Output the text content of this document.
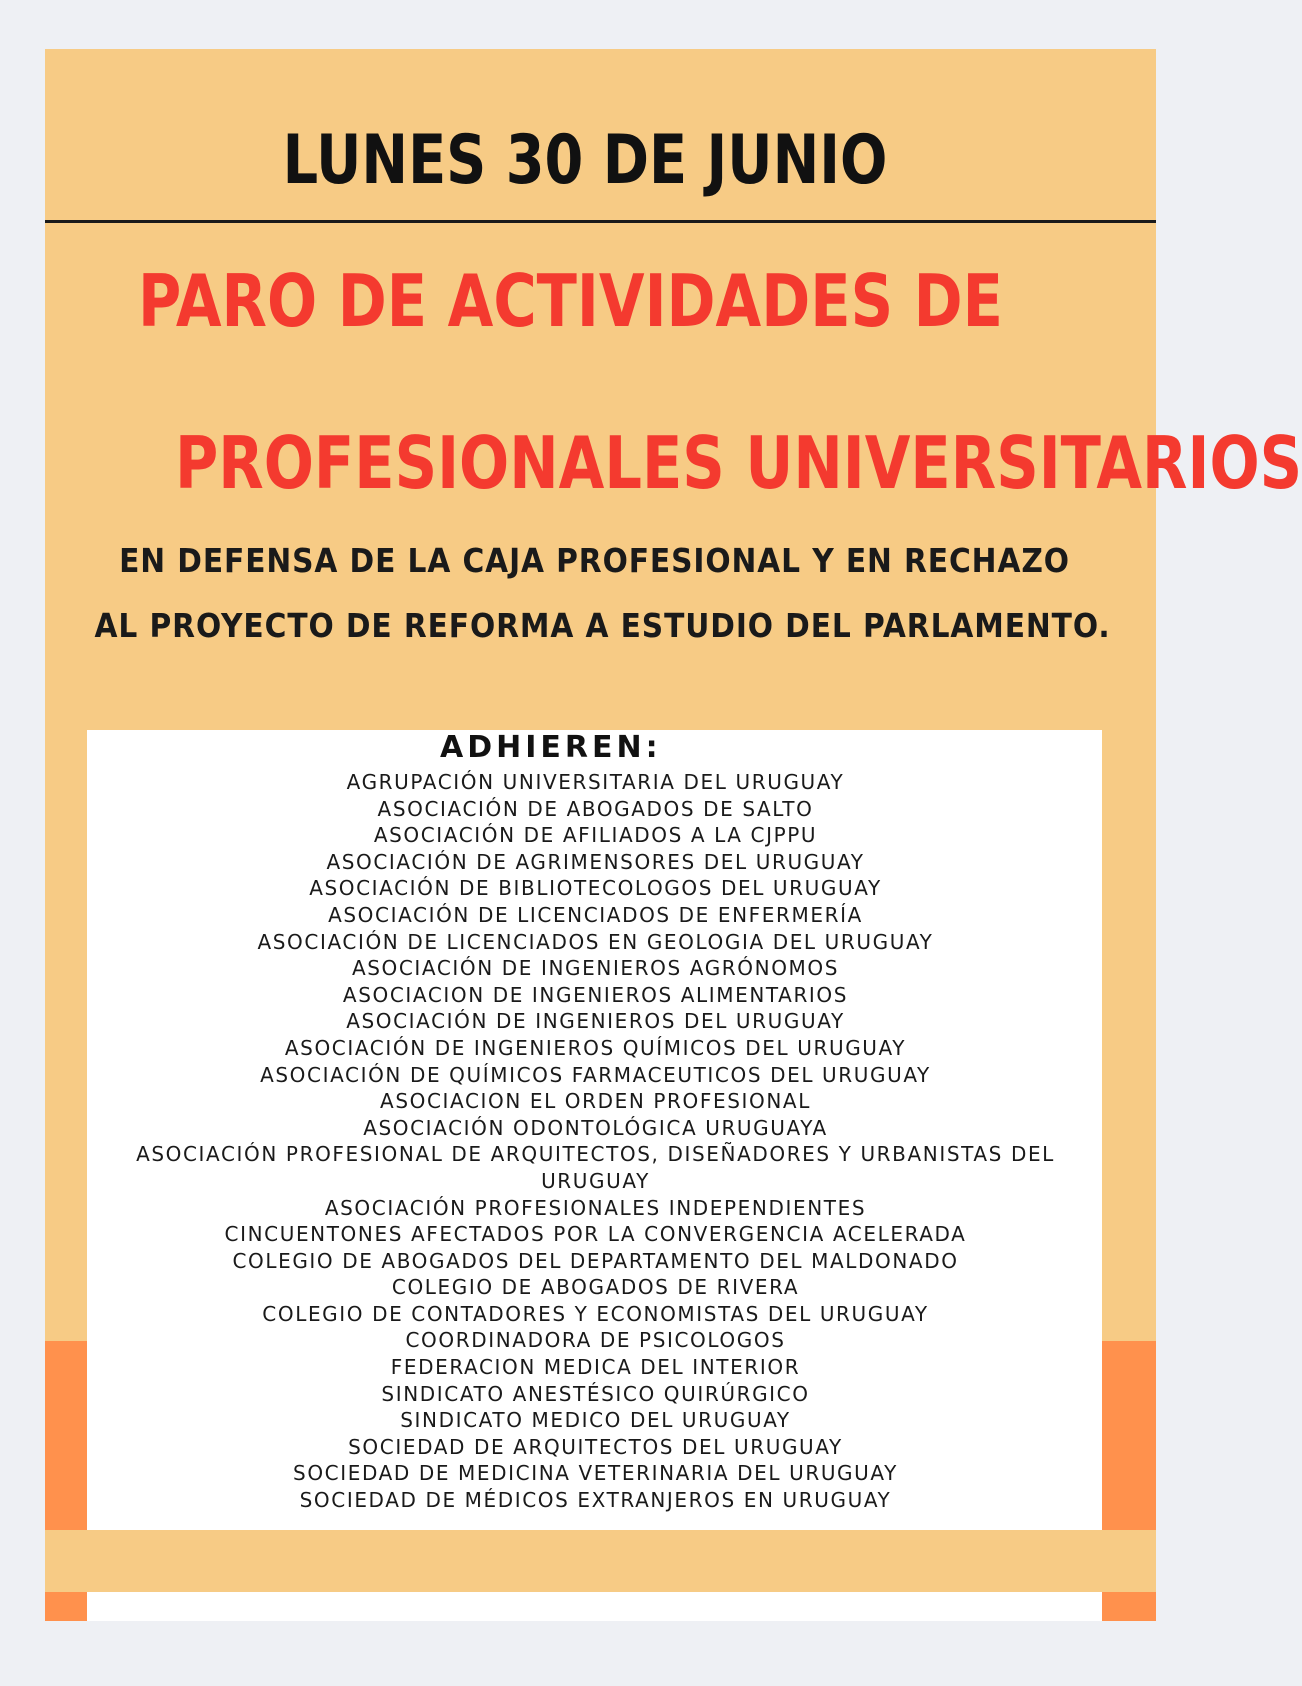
LUNES 30 DE JUNIO
PARO DE ACTIVIDADES DE
PROFESIONALES UNIVERSITARIOS

EN DEFENSA DE LA CAJA PROFESIONAL Y EN RECHAZO

AL PROYECTO DE REFORMA A ESTUDIO DEL PARLAMENTO.

ADHIEREN:
AGRUPACIÓN UNIVERSITARIA DEL URUGUAY
ASOCIACIÓN DE ABOGADOS DE SALTO
ASOCIACIÓN DE AFILIADOS A LA CJPPU
ASOCIACIÓN DE AGRIMENSORES DEL URUGUAY
ASOCIACIÓN DE BIBLIOTECOLOGOS DEL URUGUAY
ASOCIACIÓN DE LICENCIADOS DE ENFERMERÍA
ASOCIACIÓN DE LICENCIADOS EN GEOLOGIA DEL URUGUAY
ASOCIACIÓN DE INGENIEROS AGRÓNOMOS
ASOCIACION DE INGENIEROS ALIMENTARIOS
ASOCIACIÓN DE INGENIEROS DEL URUGUAY
ASOCIACIÓN DE INGENIEROS QUÍMICOS DEL URUGUAY
ASOCIACIÓN DE QUÍMICOS FARMACEUTICOS DEL URUGUAY
ASOCIACION EL ORDEN PROFESIONAL
ASOCIACIÓN ODONTOLÓGICA URUGUAYA
ASOCIACIÓN PROFESIONAL DE ARQUITECTOS, DISEÑADORES Y URBANISTAS DEL URUGUAY
ASOCIACIÓN PROFESIONALES INDEPENDIENTES
CINCUENTONES AFECTADOS POR LA CONVERGENCIA ACELERADA
COLEGIO DE ABOGADOS DEL DEPARTAMENTO DEL MALDONADO
COLEGIO DE ABOGADOS DE RIVERA
COLEGIO DE CONTADORES Y ECONOMISTAS DEL URUGUAY
COORDINADORA DE PSICOLOGOS
FEDERACION MEDICA DEL INTERIOR
SINDICATO ANESTÉSICO QUIRÚRGICO
SINDICATO MEDICO DEL URUGUAY
SOCIEDAD DE ARQUITECTOS DEL URUGUAY
SOCIEDAD DE MEDICINA VETERINARIA DEL URUGUAY
SOCIEDAD DE MÉDICOS EXTRANJEROS EN URUGUAY
